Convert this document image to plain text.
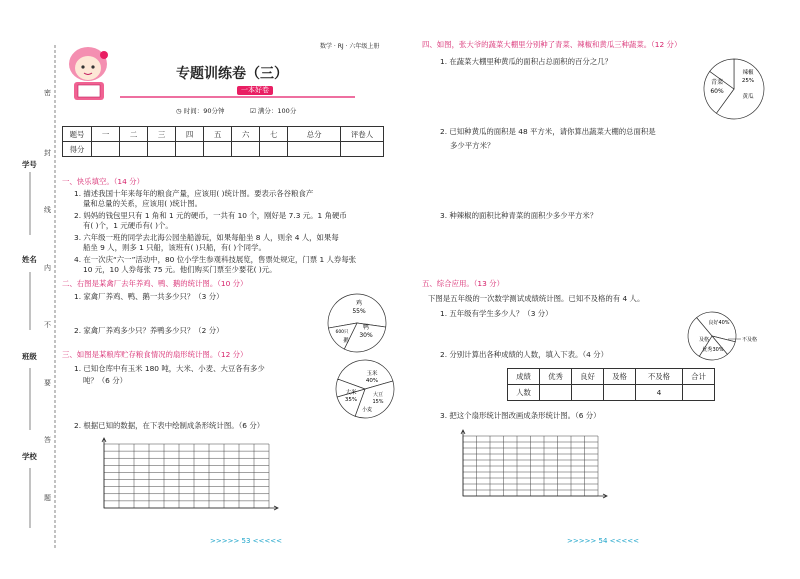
学号
姓名
班级
学校
密
封
线
内
不
要
答
题
数学 · RJ · 六年级上册
专题训练卷（三）
一本好卷
◷ 时间：90分钟	☑ 满分：100分
题号	一	二	三	四	五	六	七	总分	评卷人
得分									
一、快乐填空。（14 分）
1. 描述我国十年来每年的粮食产量，应该用( )统计图。要表示各谷粮食产
量和总量的关系，应该用( )统计图。
2. 妈妈的钱包里只有 1 角和 1 元的硬币，一共有 10 个，刚好是 7.3 元。1 角硬币
有( )个，1 元硬币有( )个。
3. 六年级一班的同学去北海公园坐船游玩，如果每船坐 8 人，则余 4 人，如果每
船坐 9 人，则多 1 只船，该班有( )只船，有( )个同学。
4. 在一次庆“六一”活动中，80 位小学生参观科技展览，售票处规定，门票 1 人券每张
10 元，10 人券每张 75 元。他们购买门票至少要花( )元。
二、右图是某禽厂去年养鸡、鸭、鹅的统计图。（10 分）
1. 家禽厂养鸡、鸭、鹅一共多少只？（3 分）
2. 家禽厂养鸡多少只？养鸭多少只？（2 分）
鸡
55%
鸭
30%
600只
鹅
三、如图是某粮库贮存粮食情况的扇形统计图。（12 分）
1. 已知仓库中有玉米 180 吨，大米、小麦、大豆各有多少
吨？（6 分）
玉米
40%
大米
35%
大豆
15%
小麦
2. 根据已知的数据，在下表中绘制成条形统计图。（6 分）
>>>>> 53 <<<<<
四、如图，张大爷的蔬菜大棚里分别种了青菜、辣椒和黄瓜三种蔬菜。（12 分）
1. 在蔬菜大棚里种黄瓜的面积占总面积的百分之几？
青菜
60%
辣椒
25%
黄瓜
2. 已知种黄瓜的面积是 48 平方米，请你算出蔬菜大棚的总面积是
多少平方米？
3. 种辣椒的面积比种青菜的面积少多少平方米？
五、综合应用。（13 分）
下图是五年级的一次数学测试成绩统计图。已知不及格的有 4 人。
1. 五年级有学生多少人？（3 分）
良好40%
不及格
及格
优秀30%
2. 分别计算出各种成绩的人数，填入下表。（4 分）
成绩	优秀	良好	及格	不及格	合计
人数				4	
3. 把这个扇形统计图改画成条形统计图。（6 分）
>>>>> 54 <<<<<
